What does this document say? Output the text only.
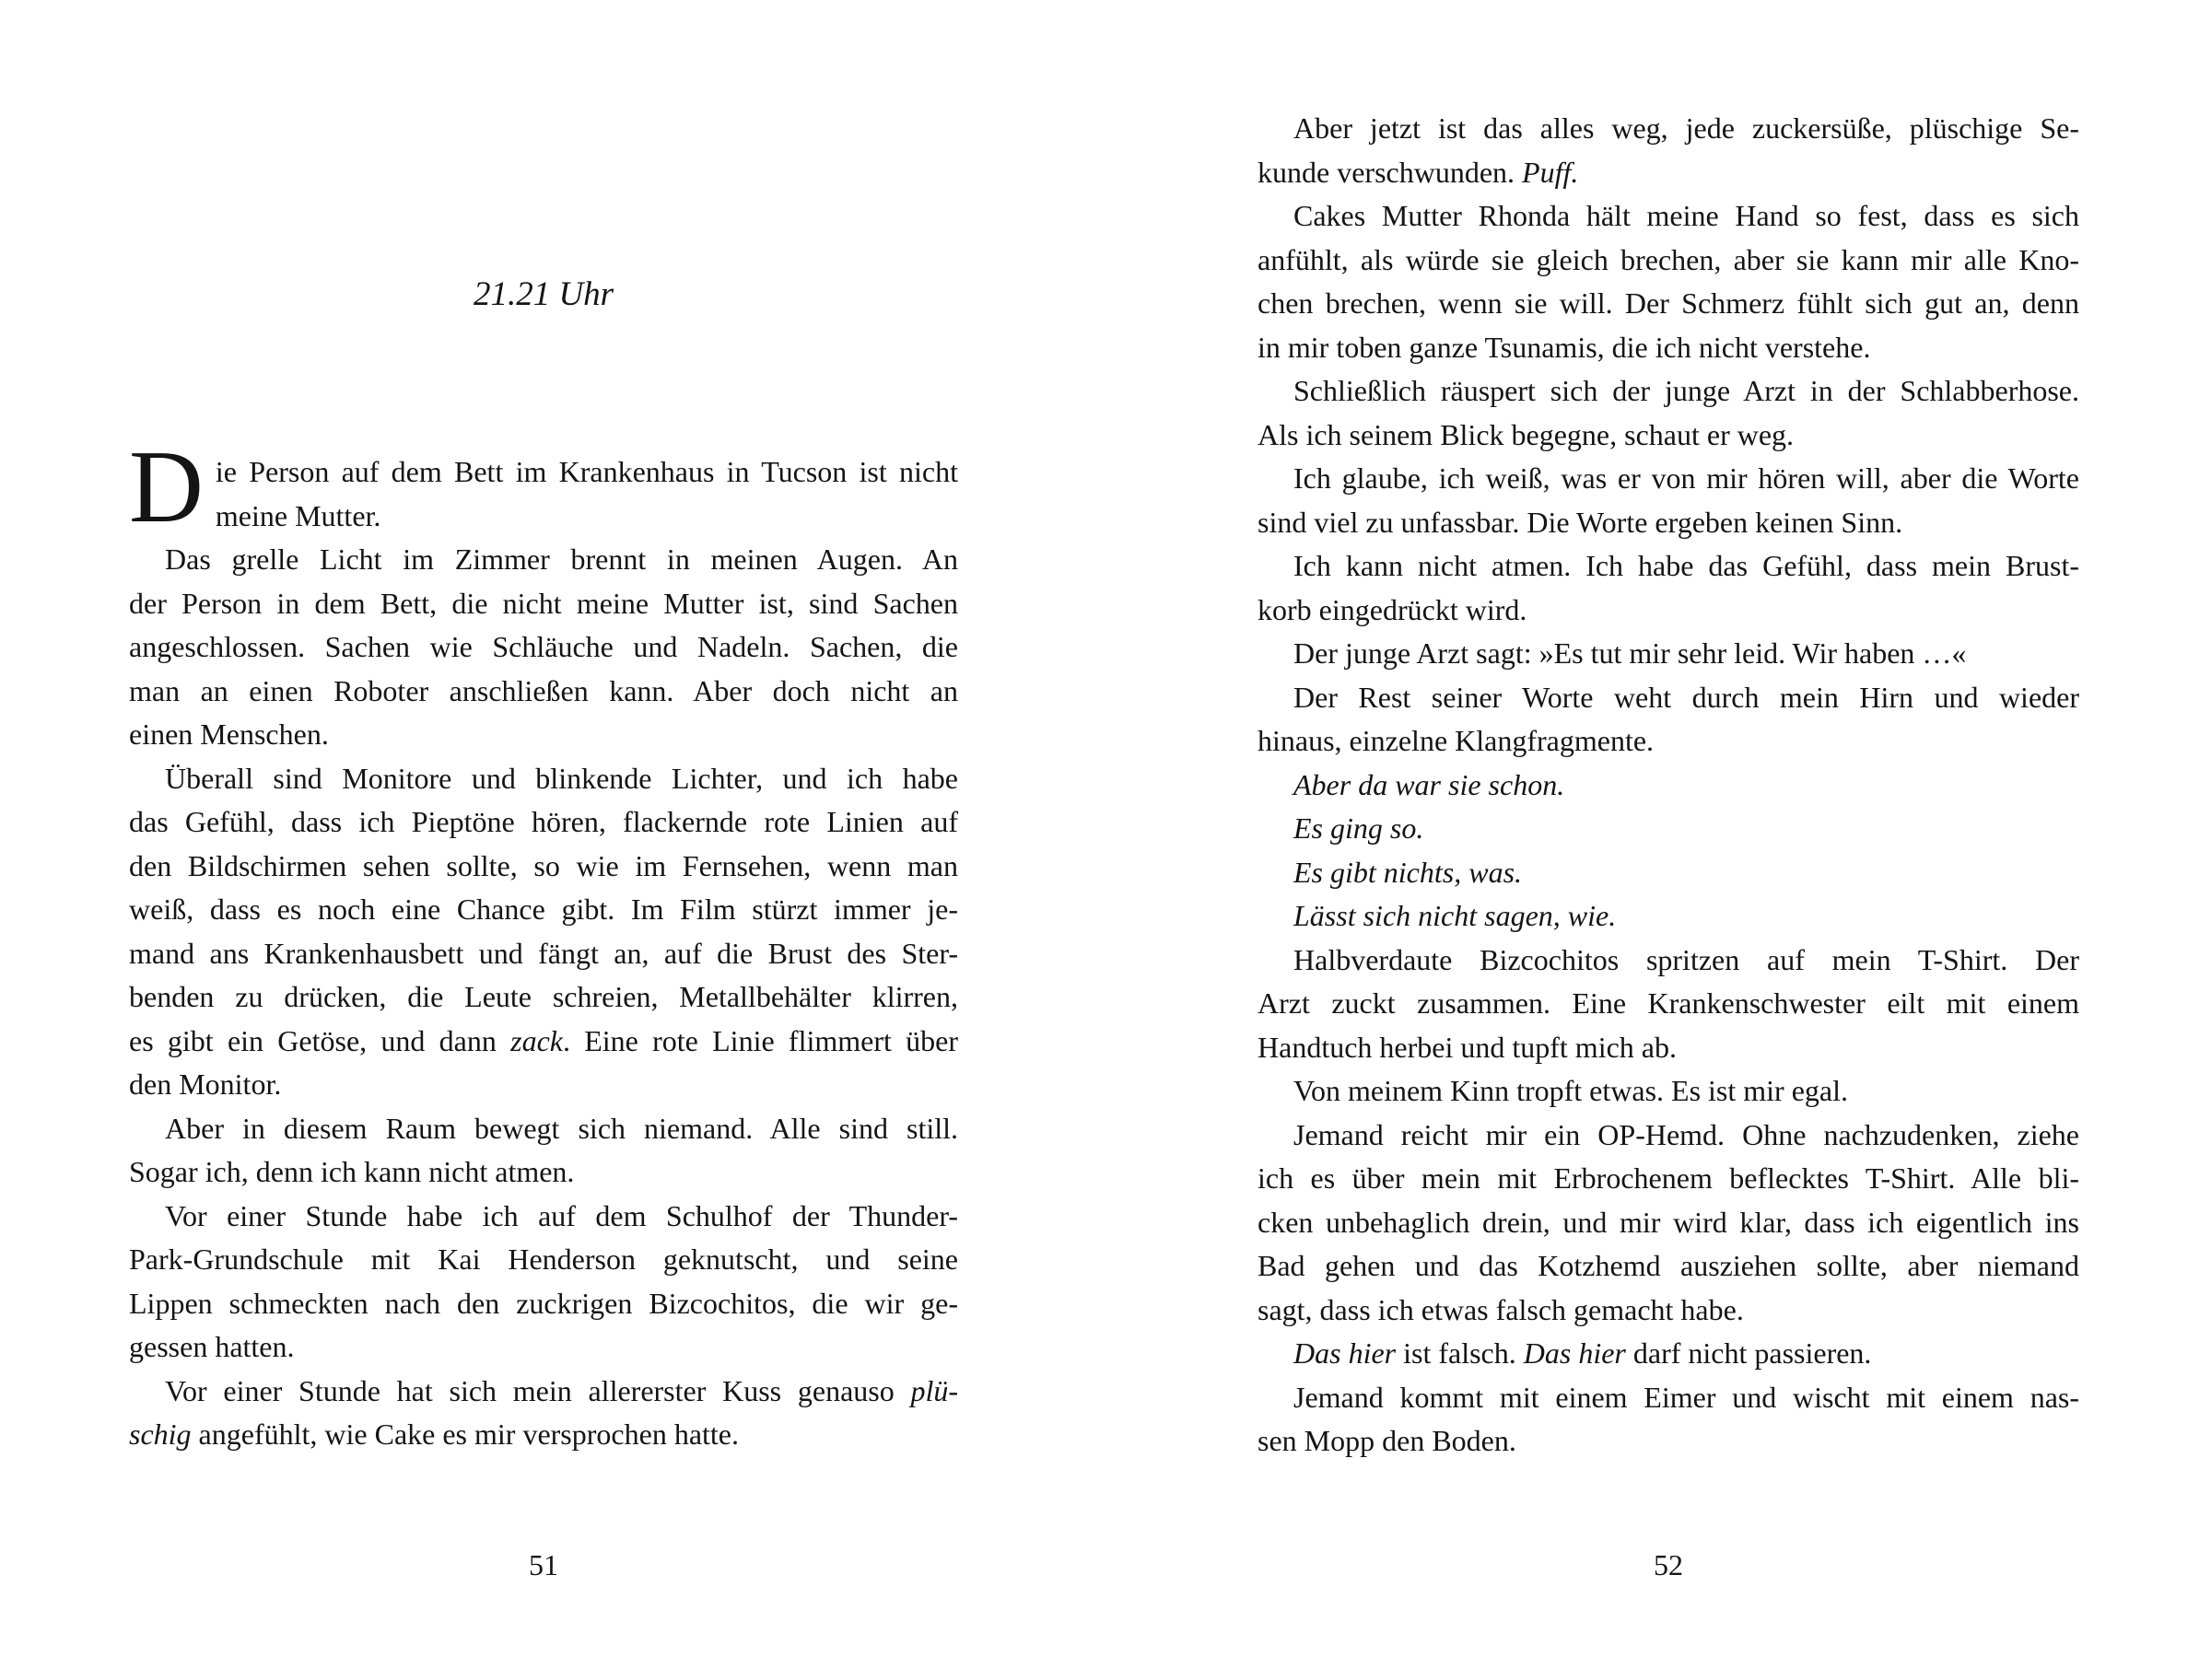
21.21 Uhr
D ie Person auf dem Bett im Krankenhaus in Tucson ist nicht
meine Mutter.
Das grelle Licht im Zimmer brennt in meinen Augen. An
der Person in dem Bett, die nicht meine Mutter ist, sind Sachen
angeschlossen. Sachen wie Schläuche und Nadeln. Sachen, die
man an einen Roboter anschließen kann. Aber doch nicht an
einen Menschen.
Überall sind Monitore und blinkende Lichter, und ich habe
das Gefühl, dass ich Pieptöne hören, flackernde rote Linien auf
den Bildschirmen sehen sollte, so wie im Fernsehen, wenn man
weiß, dass es noch eine Chance gibt. Im Film stürzt immer je-
mand ans Krankenhausbett und fängt an, auf die Brust des Ster-
benden zu drücken, die Leute schreien, Metallbehälter klirren,
es gibt ein Getöse, und dann zack. Eine rote Linie flimmert über
den Monitor.
Aber in diesem Raum bewegt sich niemand. Alle sind still.
Sogar ich, denn ich kann nicht atmen.
Vor einer Stunde habe ich auf dem Schulhof der Thunder-
Park-Grundschule mit Kai Henderson geknutscht, und seine
Lippen schmeckten nach den zuckrigen Bizcochitos, die wir ge-
gessen hatten.
Vor einer Stunde hat sich mein allererster Kuss genauso plü-
schig angefühlt, wie Cake es mir versprochen hatte.
51
Aber jetzt ist das alles weg, jede zuckersüße, plüschige Se-
kunde verschwunden. Puff.
Cakes Mutter Rhonda hält meine Hand so fest, dass es sich
anfühlt, als würde sie gleich brechen, aber sie kann mir alle Kno-
chen brechen, wenn sie will. Der Schmerz fühlt sich gut an, denn
in mir toben ganze Tsunamis, die ich nicht verstehe.
Schließlich räuspert sich der junge Arzt in der Schlabberhose.
Als ich seinem Blick begegne, schaut er weg.
Ich glaube, ich weiß, was er von mir hören will, aber die Worte
sind viel zu unfassbar. Die Worte ergeben keinen Sinn.
Ich kann nicht atmen. Ich habe das Gefühl, dass mein Brust-
korb eingedrückt wird.
Der junge Arzt sagt: »Es tut mir sehr leid. Wir haben …«
Der Rest seiner Worte weht durch mein Hirn und wieder
hinaus, einzelne Klangfragmente.
Aber da war sie schon.
Es ging so.
Es gibt nichts, was.
Lässt sich nicht sagen, wie.
Halbverdaute Bizcochitos spritzen auf mein T-Shirt. Der
Arzt zuckt zusammen. Eine Krankenschwester eilt mit einem
Handtuch herbei und tupft mich ab.
Von meinem Kinn tropft etwas. Es ist mir egal.
Jemand reicht mir ein OP-Hemd. Ohne nachzudenken, ziehe
ich es über mein mit Erbrochenem beflecktes T-Shirt. Alle bli-
cken unbehaglich drein, und mir wird klar, dass ich eigentlich ins
Bad gehen und das Kotzhemd ausziehen sollte, aber niemand
sagt, dass ich etwas falsch gemacht habe.
Das hier ist falsch. Das hier darf nicht passieren.
Jemand kommt mit einem Eimer und wischt mit einem nas-
sen Mopp den Boden.
52
